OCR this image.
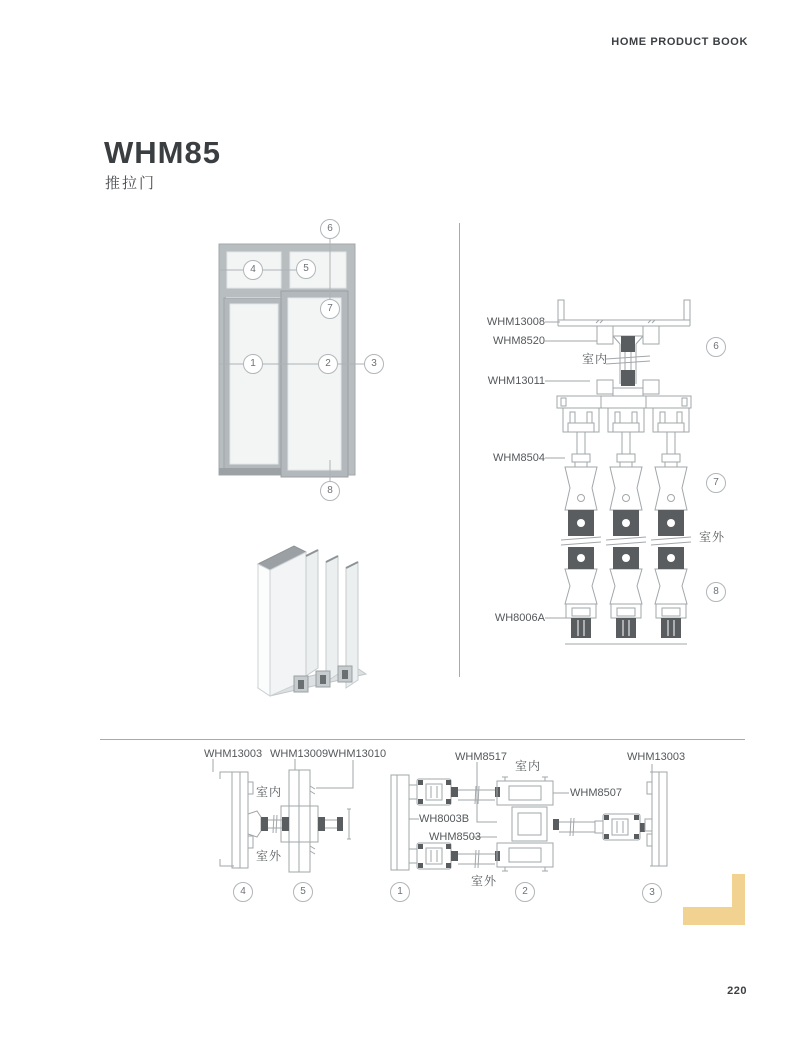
HOME PRODUCT BOOK
WHM85
推拉门
4	5
6
7
1	2	3
8
WHM13008
WHM8520
室内
WHM13011
WHM8504
室外
WH8006A
6
7
8
WHM13003 WHM13009 WHM13010
室内
室外
WHM8517
室内
WHM8507
WH8003B
WHM8503
室外
WHM13003
4	5	1	2	3
220
